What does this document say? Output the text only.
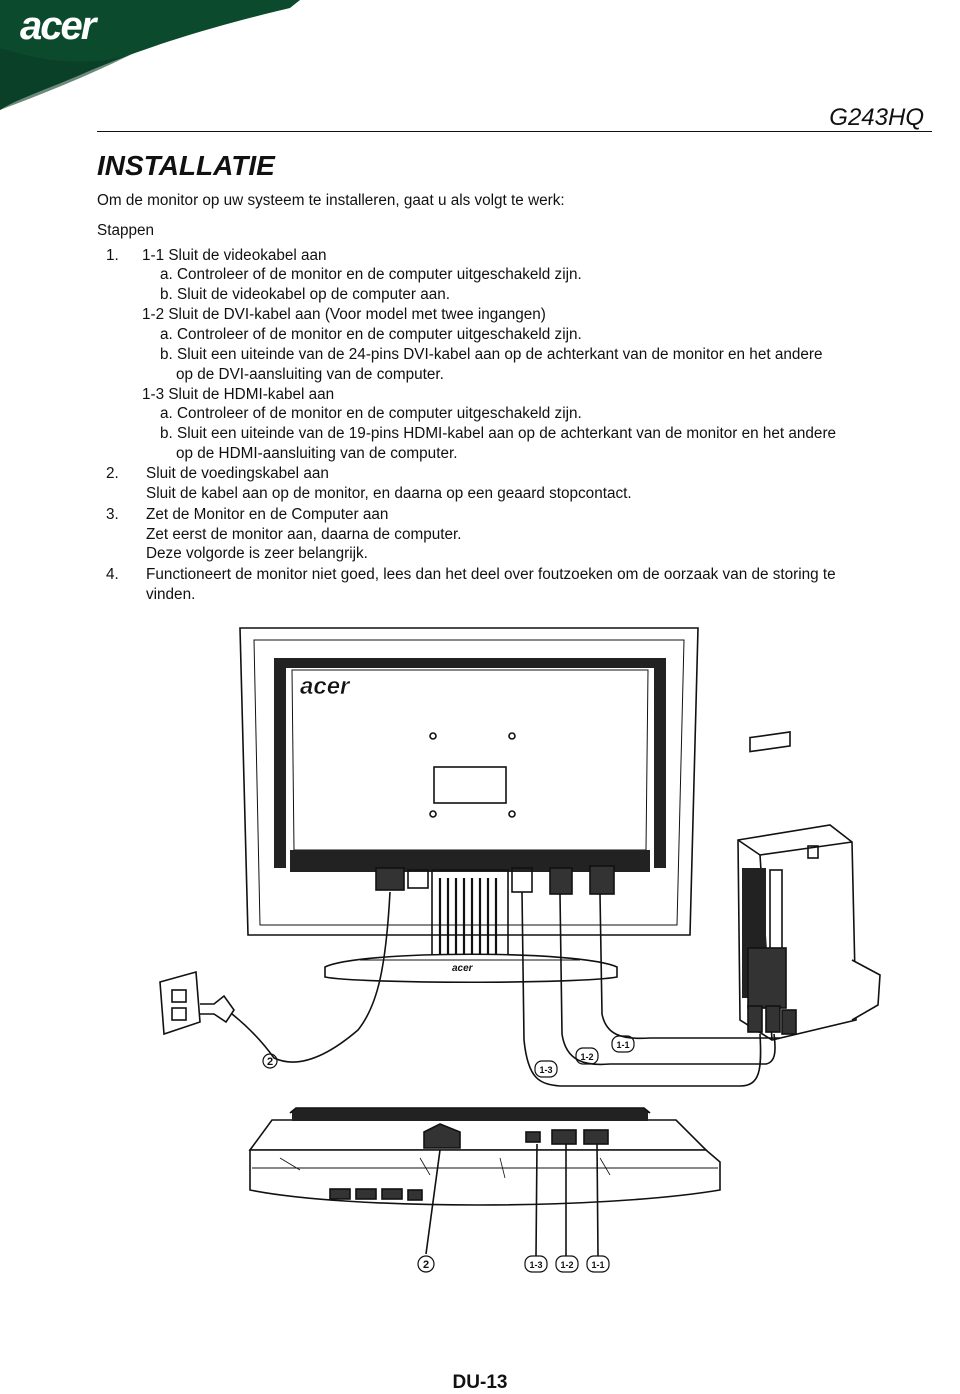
acer
G243HQ
INSTALLATIE
Om de monitor op uw systeem te installeren, gaat u als volgt te werk:
Stappen
1. 1-1 Sluit de videokabel aan
a. Controleer of de monitor en de computer uitgeschakeld zijn.
b. Sluit de videokabel op de computer aan.
1-2 Sluit de DVI-kabel aan (Voor model met twee ingangen)
a. Controleer of de monitor en de computer uitgeschakeld zijn.
b. Sluit een uiteinde van de 24-pins DVI-kabel aan op de achterkant van de monitor en het andere
op de DVI-aansluiting van de computer.
1-3 Sluit de HDMI-kabel aan
a. Controleer of de monitor en de computer uitgeschakeld zijn.
b. Sluit een uiteinde van de 19-pins HDMI-kabel aan op de achterkant van de monitor en het andere
op de HDMI-aansluiting van de computer.
2. Sluit de voedingskabel aan
Sluit de kabel aan op de monitor, en daarna op een geaard stopcontact.
3. Zet de Monitor en de Computer aan
Zet eerst de monitor aan, daarna de computer.
Deze volgorde is zeer belangrijk.
4. Functioneert de monitor niet goed, lees dan het deel over foutzoeken om de oorzaak van de storing te
vinden.
acer
acer
2
1-3
1-2
1-1
2	1-3 1-2 1-1
DU-13
